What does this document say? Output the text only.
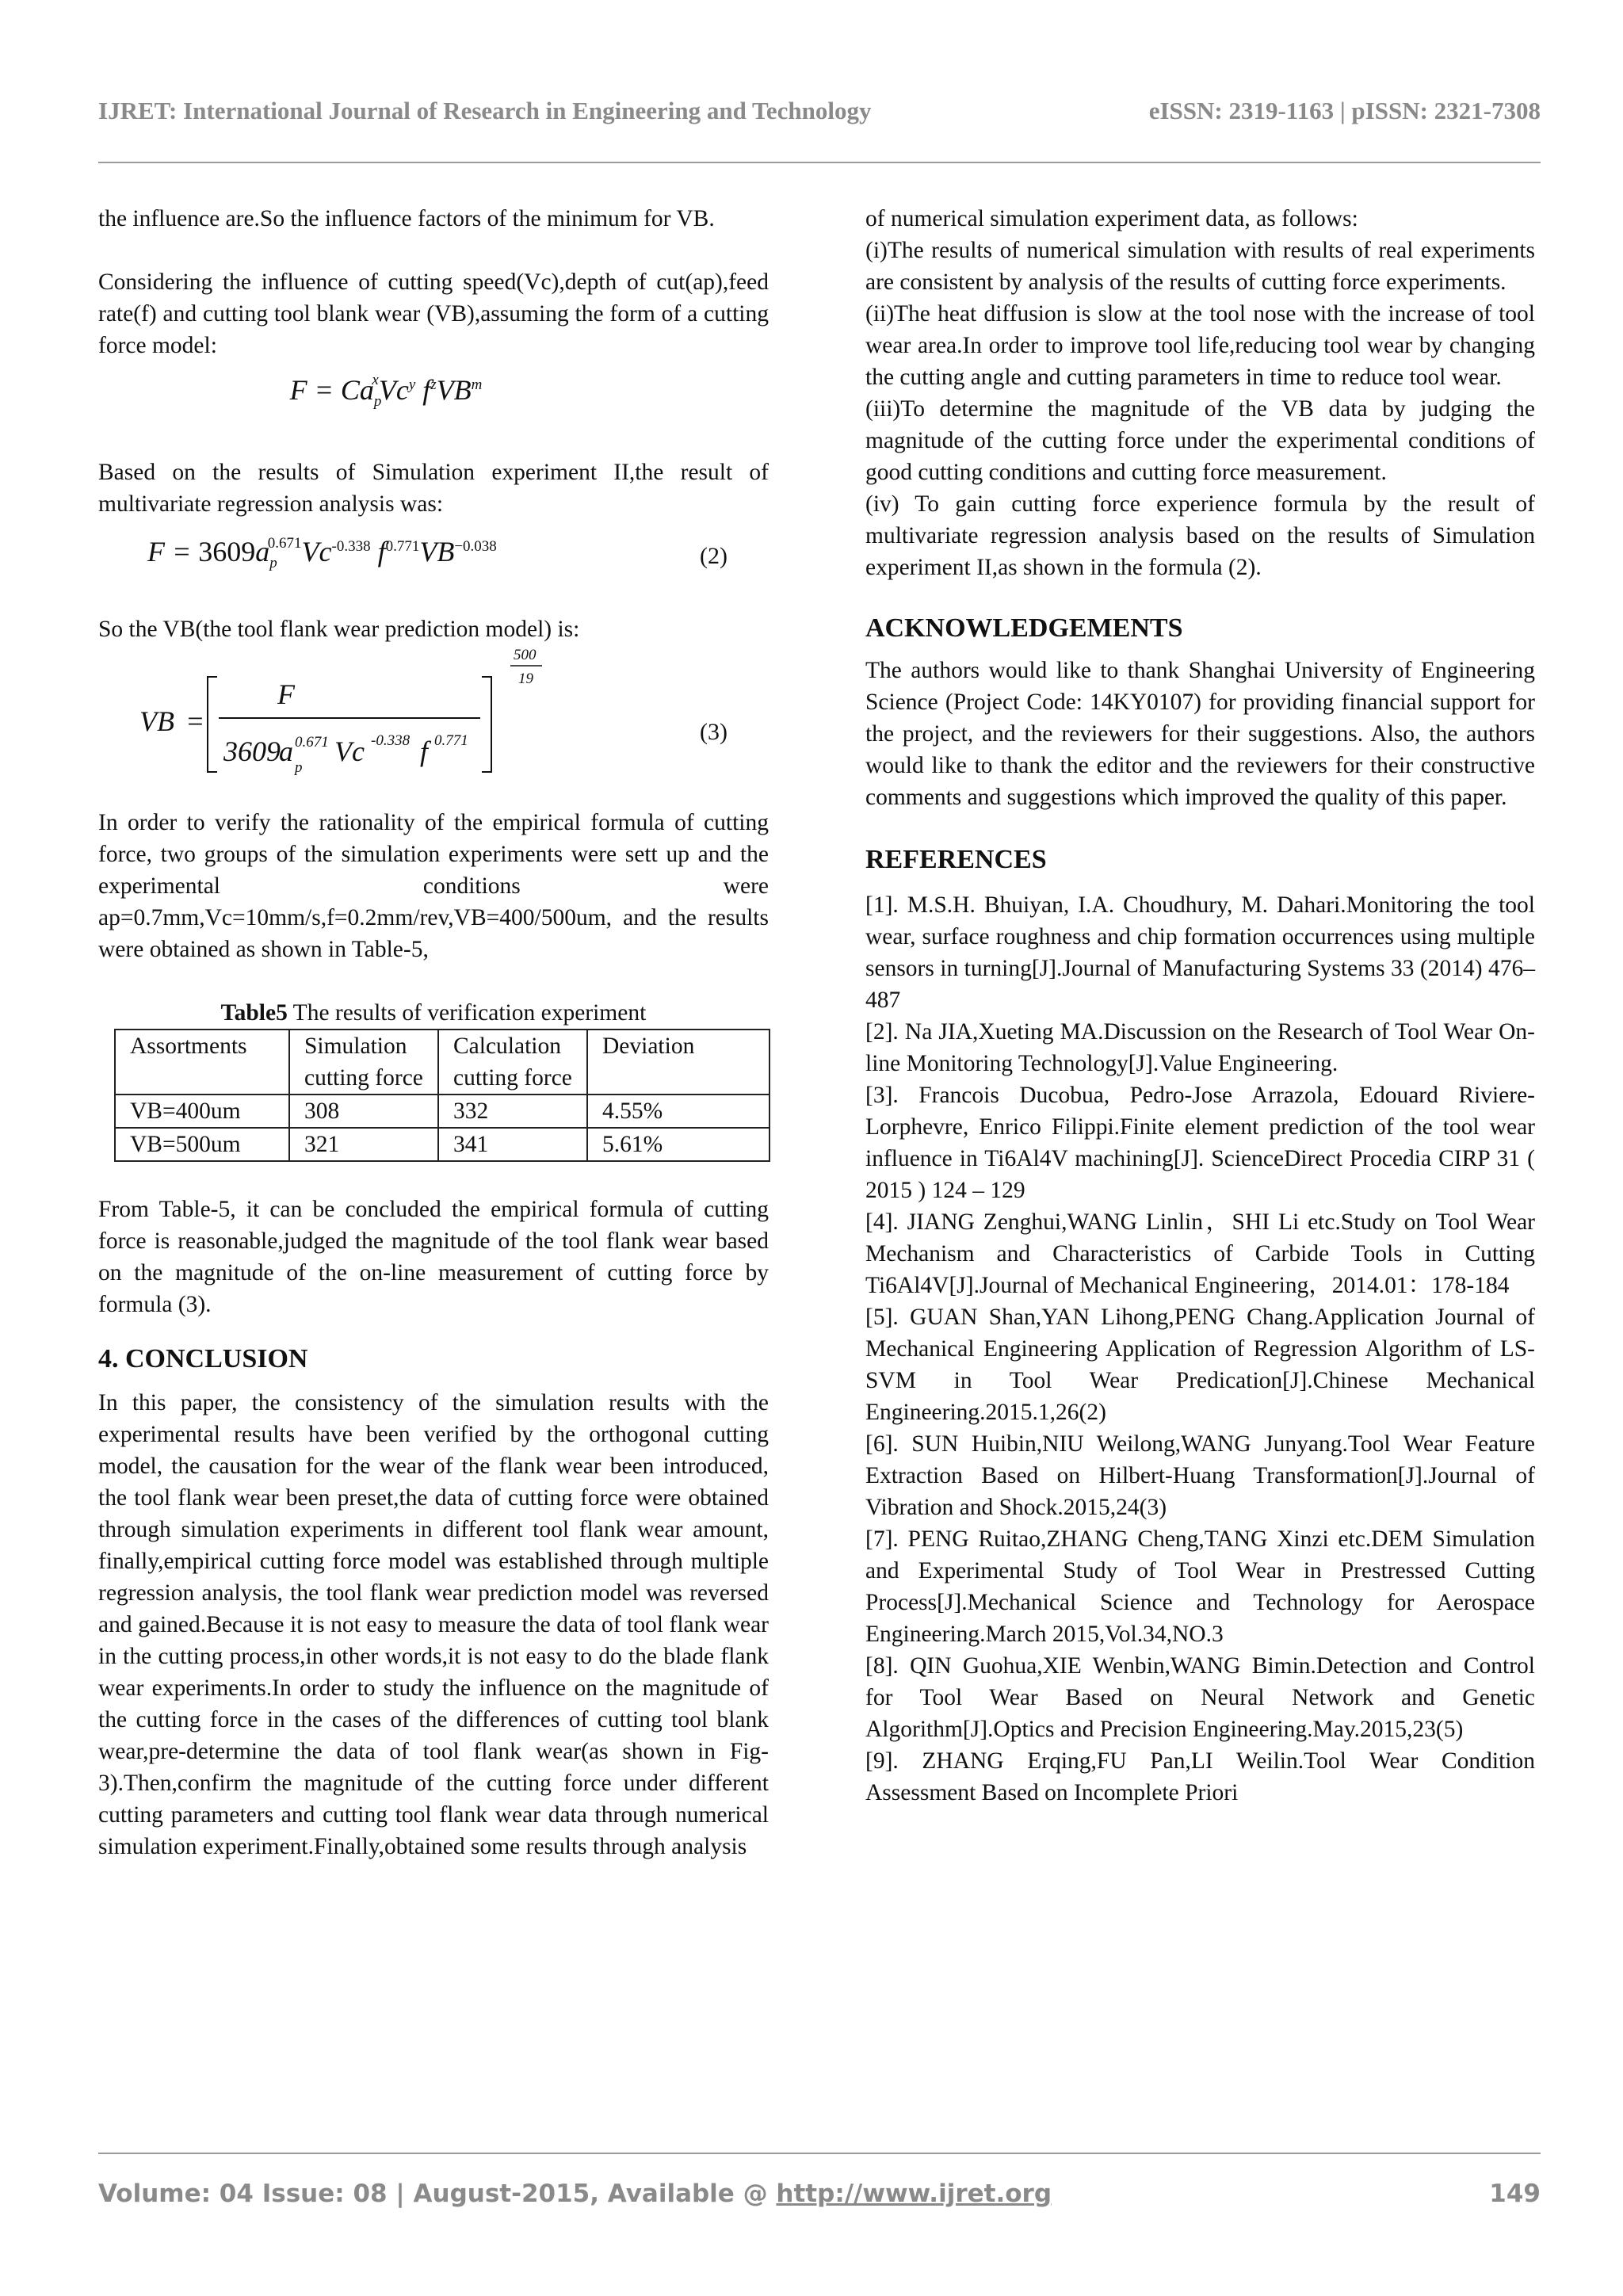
IJRET: International Journal of Research in Engineering and Technology	eISSN: 2319-1163 | pISSN: 2321-7308

the influence are.So the influence factors of the minimum for VB.

Considering the influence of cutting speed(Vc),depth of cut(ap),feed rate(f) and cutting tool blank wear (VB),assuming the form of a cutting force model:

$F = Ca_p^xVc^y$ $f^zVB^m$

Based on the results of Simulation experiment II,the result of multivariate regression analysis was:

$F = 3609a_p^{0.671}Vc^{-0.338}$ $f^{0.771}VB^{-0.038}$	(2)

So the VB(the tool flank wear prediction model) is:

VB =
F
3609
a
p
0.671 Vc -0.338 f 0.771
500
19
(3)

In order to verify the rationality of the empirical formula of cutting force, two groups of the simulation experiments were sett up and the experimental conditions were ap=0.7mm,Vc=10mm/s,f=0.2mm/rev,VB=400/500um, and the results were obtained as shown in Table-5,

Table5 The results of verification experiment
Assortments	Simulation cutting force	Calculation cutting force	Deviation
VB=400um	308	332	4.55%
VB=500um	321	341	5.61%

From Table-5, it can be concluded the empirical formula of cutting force is reasonable,judged the magnitude of the tool flank wear based on the magnitude of the on-line measurement of cutting force by formula (3).

4. CONCLUSION

In this paper, the consistency of the simulation results with the experimental results have been verified by the orthogonal cutting model, the causation for the wear of the flank wear been introduced, the tool flank wear been preset,the data of cutting force were obtained through simulation experiments in different tool flank wear amount, finally,empirical cutting force model was established through multiple regression analysis, the tool flank wear prediction model was reversed and gained.Because it is not easy to measure the data of tool flank wear in the cutting process,in other words,it is not easy to do the blade flank wear experiments.In order to study the influence on the magnitude of the cutting force in the cases of the differences of cutting tool blank wear,pre-determine the data of tool flank wear(as shown in Fig-3).Then,confirm the magnitude of the cutting force under different cutting parameters and cutting tool flank wear data through numerical simulation experiment.Finally,obtained some results through analysis

of numerical simulation experiment data, as follows:

(i)The results of numerical simulation with results of real experiments are consistent by analysis of the results of cutting force experiments.

(ii)The heat diffusion is slow at the tool nose with the increase of tool wear area.In order to improve tool life,reducing tool wear by changing the cutting angle and cutting parameters in time to reduce tool wear.

(iii)To determine the magnitude of the VB data by judging the magnitude of the cutting force under the experimental conditions of good cutting conditions and cutting force measurement.

(iv) To gain cutting force experience formula by the result of multivariate regression analysis based on the results of Simulation experiment II,as shown in the formula (2).

ACKNOWLEDGEMENTS

The authors would like to thank Shanghai University of Engineering Science (Project Code: 14KY0107) for providing financial support for the project, and the reviewers for their suggestions. Also, the authors would like to thank the editor and the reviewers for their constructive comments and suggestions which improved the quality of this paper.

REFERENCES

[1]. M.S.H. Bhuiyan, I.A. Choudhury, M. Dahari.Monitoring the tool wear, surface roughness and chip formation occurrences using multiple sensors in turning[J].Journal of Manufacturing Systems 33 (2014) 476–487

[2]. Na JIA,Xueting MA.Discussion on the Research of Tool Wear On-line Monitoring Technology[J].Value Engineering.

[3]. Francois Ducobua, Pedro-Jose Arrazola, Edouard Riviere-Lorphevre, Enrico Filippi.Finite element prediction of the tool wear influence in Ti6Al4V machining[J]. ScienceDirect Procedia CIRP 31 ( 2015 ) 124 – 129

[4]. JIANG Zenghui,WANG Linlin，SHI Li etc.Study on Tool Wear Mechanism and Characteristics of Carbide Tools in Cutting Ti6Al4V[J].Journal of Mechanical Engineering，2014.01：178-184

[5]. GUAN Shan,YAN Lihong,PENG Chang.Application Journal of Mechanical Engineering Application of Regression Algorithm of LS-SVM in Tool Wear Predication[J].Chinese Mechanical Engineering.2015.1,26(2)

[6]. SUN Huibin,NIU Weilong,WANG Junyang.Tool Wear Feature Extraction Based on Hilbert-Huang Transformation[J].Journal of Vibration and Shock.2015,24(3)

[7]. PENG Ruitao,ZHANG Cheng,TANG Xinzi etc.DEM Simulation and Experimental Study of Tool Wear in Prestressed Cutting Process[J].Mechanical Science and Technology for Aerospace Engineering.March 2015,Vol.34,NO.3

[8]. QIN Guohua,XIE Wenbin,WANG Bimin.Detection and Control for Tool Wear Based on Neural Network and Genetic Algorithm[J].Optics and Precision Engineering.May.2015,23(5)

[9]. ZHANG Erqing,FU Pan,LI Weilin.Tool Wear Condition Assessment Based on Incomplete Priori

Volume: 04 Issue: 08 | August-2015, Available @ http://www.ijret.org	149
